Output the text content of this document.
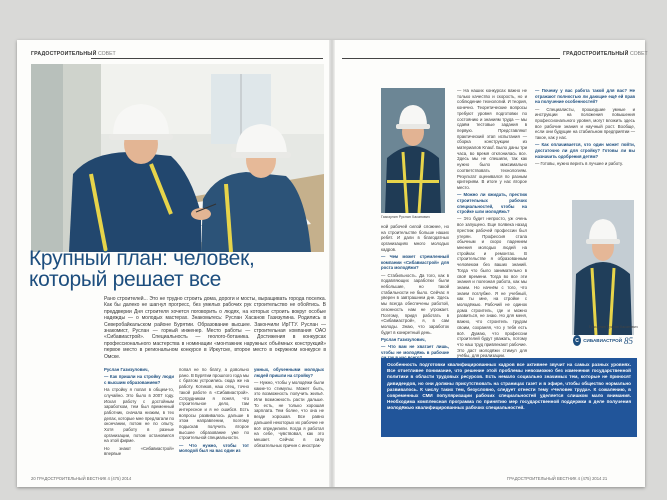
ГРАДОСТРОИТЕЛЬНЫЙ СОВЕТ
Крупный план: человек, который решает все
Рано строителей... Это не трудно строить дома, дороги и мосты, выращивать города поселка. Как бы далеко не шагнул прогресс, без умелых рабочих рук строительство не обойтись. В преддверии Дня строителя хочется поговорить о людях, на которых строить вокруг особые надежды — о молодых мастерах. Знакомьтесь: Руслан Хасанов Газизулина. Родились в Северобайкальском районе Бурятии. Образование высшее. Закончили ИрГТУ. Руслан — знакомист, Руслан — горный инженер. Место работы — строительная компания ОАО «Сибавиастрой». Специальность — геолого-ботаника. Достижения в конкурсах профессионального мастерства в номинации «монтажник наружных объёмных конструкций» первое место в региональном конкурсе в Иркутске, второе место в окружном конкурсе в Омске.

Руслан Газизулович,

— Как пришли на стройку люди с высшим образованием?

На стройку я попал в общем-то, случайно. Это было в 2007 году. Искал работу с достойным заработком, тем был временный работник, сначала низким, в тех делах, которые мне предлагали по окончании, потом не по опыту. Хотя работу в разные организации, потом остановился на этой фирме.

Но знают «Сибавиастрой» впервые

попал не по блату, а довольно рано. В Бурятии прошлого года мы с братом устроились сюда же на работу. Котиков, наш отец, точно такой работе в «Сибавиастрой». Сотрудником я понял, что строительное дело, там интересное и я не ошибся. Есть вопросы развивалось дальше в этом направлении, поэтому подыскав получить второе высшее образование уже по строительной специальности.

— Что нужно, чтобы тот молодой был на вас один из

умных, обученными молодых людей пришли на стройку?

— Нужно, чтобы у молодёжи были какие-то стимулы. Может быть, это возможность получить жильё. Или возможность расти дальше. То есть, не только хорошая зарплата. Тем более, что она не везде хорошая. Все равно дальшей некоторых их рабочие не всё определили. Когда я работал на себе, чувствовал, как это мешает. Сейчас в силу обязательных причин с инострак-

20 ГРАДОСТРОИТЕЛЬНЫЙ ВЕСТНИК 4 (475) 2014
ГРАДОСТРОИТЕЛЬНЫЙ СОВЕТ
Газизулин Руслан Хасанович

ной рабочей силой сложнее, но на строительстве больше наших ребят. И дали в благодатных организациях много молодых кадров.

— Чем может стремленный компании «Сибавиастрой» для роста молодёжи?

— Стабильность. Да того, как в подавляющих заработки были небольшие, но такой стабильности не было. Сейчас я уверен в завтрашнем дне. Здесь мы всегда обеспечены работой, сезонность нам не угрожает. Поэтому, придя работать в «Сибавиастрой», я, в сам молоды. Знаю, что заработок будет в конкретный день.

Руслан Газизулович,

— Что вам не хватает лишь, чтобы не молодёжь в рабочие

— На наших конкурсах важно не только качество и скорость, но и соблюдение технологий. И теория, конечно. Теоретические вопросы требуют уровня подготовки по состоянию и знаниям труда — мы сдаём тестовые задания в первую. Представляют практический этап испытания — сборка конструкции из материалов Knauf. Было даны три часа, во время отклонилась все. Здесь мы не спешили, так как нужно было максимально соответствовать технологиям. Результат оценивался по разным критериям. В итоге у нас второе место.

— Можно ли ожидать, престиж строительных рабочих специальностей, чтобы на стройке шли молодёжь?

— Это будет непросто, уж очень все запущено. Еще полвека назад престиж рабочей профессии был утерян. Профессия стала обычным и скоро падением мнения молодых людей на стройках и ремонтах. В строительстве я образованным человеком без ваших знаний. Тогда что было занимательно в своё времени. Тогда во все эти знания и полезная работа, как мы знаем. Но начнём с того, что знаем поглубже. Я не учебный, как ты мне, на стройке с молодёжью. Рабочий не одинок дома строитель, где и можно развиться, не знаю. Но для меня, важно, что строитель трудом своим, сохраняя, что у тебя есть всё. Думаю, что профессии строителей будут уважать, потому что наш труд привлекают рабочие. Это даст молодёжи стимул для учёбы, для реализации.

— Почему у вас работа такой для вас? Не отражают полностью ли дающие ещё ей прав на получение особенностей?

— Специалисты, прошедшие умные и инструкции на положения повышения профессионального уровня, могут вложить здесь все рабочие знания и научный рост. Вообще, если они будущие на стабильном предприятии — такое, как у нас.

— Как оплачивается, что один может пойти, достаточно ли для стройку? Готовы ли вы назначить одобрения детям?

— Готовы, нужно верить в лучшее и работу.

Газизулин Руслан Хасанович
С СИБАВИАСТРОЙ 85
Особенность подготовки квалифицированных кадров все активнее звучит на самых разных уровнях. Все отчетливее понимание, что решение этой проблемы невозможно без изменения государственной политики в области трудовых ресурсов. Есть немало социально значимых тем, которые не приносят дивидендов, но они должны присутствовать на страницах газет и в эфире, чтобы общество нормально развивалось. К числу таких тем, безусловно, следует отнести тему «Человек труда». К сожалению, в современных СМИ популяризации рабочих специальностей уделяется слишком мало внимания. Необходима комплексная программа по принятию мер государственной поддержки в деле получения молодёжью квалифицированных рабочих специальностей.
ГРАДОСТРОИТЕЛЬНЫЙ ВЕСТНИК 4 (475) 2014 21
